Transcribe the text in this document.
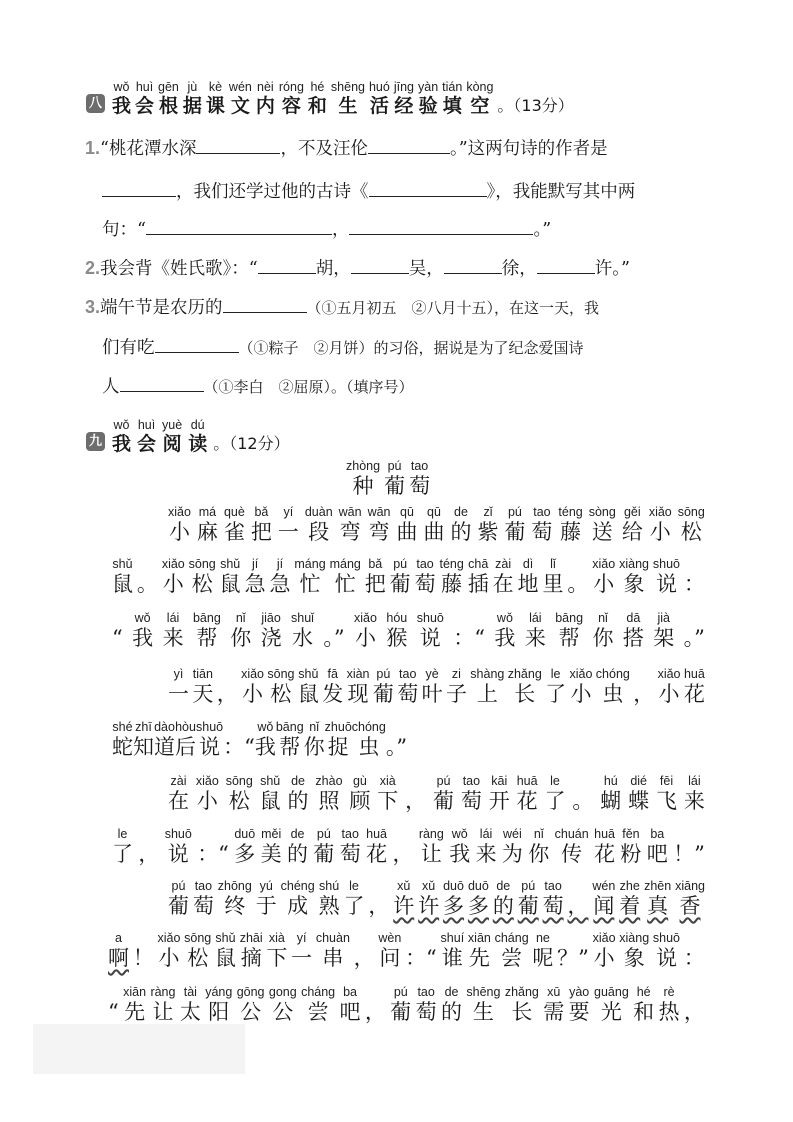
八
wǒ
我
huì
会
gēn
根
jù
据
kè
课
wén
文
nèi
内
róng
容
hé
和
shēng
生
huó
活
jīng
经
yàn
验
tián
填
kòng
空 。（13分）
1.“桃花潭水深	，不及汪伦	。”这两句诗的作者是
，我们还学过他的古诗《	》，我能默写其中两
句：“	，	。”
2.我会背《姓氏歌》：“	胡，	吴，	徐，	许。”
3.端午节是农历的	（①五月初五　②八月十五），在这一天，我
们有吃	（①粽子　②月饼）的习俗，据说是为了纪念爱国诗
人	（①李白　②屈原）。（填序号）
九
wǒ
我
huì
会
yuè
阅
dú
读 。（12分）
zhòng
种
pú
葡
tao
萄
xiǎo
小
má
麻
què
雀
bǎ
把
yí
一
duàn
段
wān
弯
wān
弯
qū
曲
qū
曲
de
的
zǐ
紫
pú
葡
tao
萄
téng
藤
sòng
送
gěi
给
xiǎo
小
sōng
松
shǔ
鼠 。
xiǎo
小
sōng
松
shǔ
鼠
jí
急
jí
急
máng
忙
máng
忙
bǎ
把
pú
葡
tao
萄
téng
藤
chā
插
zài
在
dì
地
lǐ
里 。
xiǎo
小
xiàng
象
shuō
说 ：
“
wǒ
我
lái
来
bāng
帮
nǐ
你
jiāo
浇
shuǐ
水 。”
xiǎo
小
hóu
猴
shuō
说 ：“
wǒ
我
lái
来
bāng
帮
nǐ
你
dā
搭
jià
架 。”
yì
一
tiān
天 ，
xiǎo
小
sōng
松
shǔ
鼠
fā
发
xiàn
现
pú
葡
tao
萄
yè
叶
zi
子
shàng
上
zhǎng
长
le
了
xiǎo
小
chóng
虫 ，
xiǎo
小
huā
花
shé
蛇
zhī
知
dào
道
hòu
后
shuō
说 ：“
wǒ
我
bāng
帮
nǐ
你
zhuō
捉
chóng
虫 。”
zài
在
xiǎo
小
sōng
松
shǔ
鼠
de
的
zhào
照
gù
顾
xià
下 ，
pú
葡
tao
萄
kāi
开
huā
花
le
了 。
hú
蝴
dié
蝶
fēi
飞
lái
来
le
了 ，
shuō
说 ：“
duō
多
měi
美
de
的
pú
葡
tao
萄
huā
花 ，
ràng
让
wǒ
我
lái
来
wéi
为
nǐ
你
chuán
传
huā
花
fěn
粉
ba
吧 ！”
pú
葡
tao
萄
zhōng
终
yú
于
chéng
成
shú
熟
le
了 ，
xǔ
许
xǔ
许
duō
多
duō
多
de
的
pú
葡
tao
萄 ，
wén
闻
zhe
着
zhēn
真
xiāng
香
a
啊 ！
xiǎo
小
sōng
松
shǔ
鼠
zhāi
摘
xià
下
yí
一
chuàn
串 ，
wèn
问 ：“
shuí
谁
xiān
先
cháng
尝
ne
呢 ？”
xiǎo
小
xiàng
象
shuō
说 ：
“
xiān
先
ràng
让
tài
太
yáng
阳
gōng
公
gong
公
cháng
尝
ba
吧 ，
pú
葡
tao
萄
de
的
shēng
生
zhǎng
长
xū
需
yào
要
guāng
光
hé
和
rè
热 ，
